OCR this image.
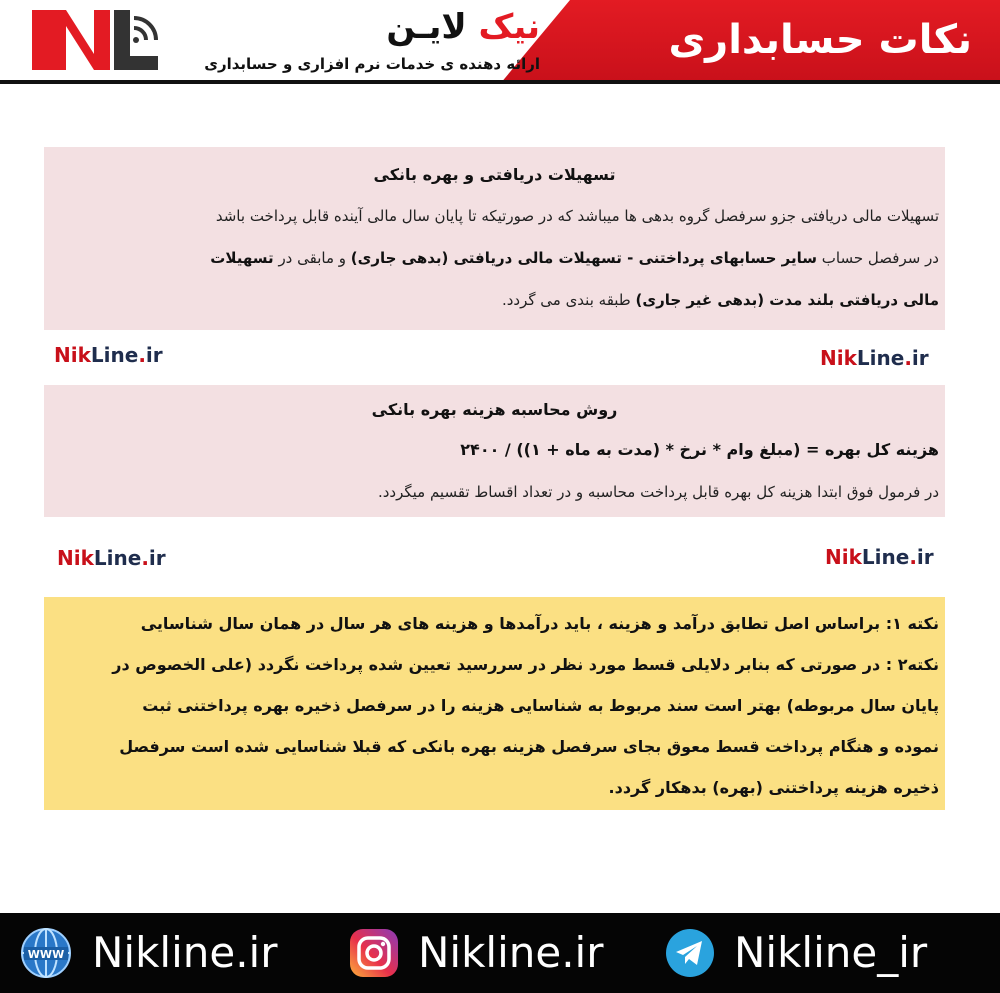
نکات حسابداری
نیک لایـن
ارائه دهنده ی خدمات نرم افزاری و حسابداری
تسهیلات دریافتی و بهره بانکی
تسهیلات مالی دریافتی جزو سرفصل گروه بدهی ها میباشد که در صورتیکه تا پایان سال مالی آینده قابل پرداخت باشد
در سرفصل حساب سایر حسابهای پرداختنی - تسهیلات مالی دریافتی (بدهی جاری) و مابقی در تسهیلات
مالی دریافتی بلند مدت (بدهی غیر جاری) طبقه بندی می گردد.
NikLine.ir	NikLine.ir
روش محاسبه هزینه بهره بانکی
هزینه کل بهره = (مبلغ وام * نرخ * (مدت به ماه + ۱)) / ۲۴۰۰
در فرمول فوق ابتدا هزینه کل بهره قابل پرداخت محاسبه و در تعداد اقساط تقسیم میگردد.
NikLine.ir	NikLine.ir
نکته ۱: براساس اصل تطابق درآمد و هزینه ، باید درآمدها و هزینه های هر سال در همان سال شناسایی
نکته۲ : در صورتی که بنابر دلایلی قسط مورد نظر در سررسید تعیین شده پرداخت نگردد (علی الخصوص در
پایان سال مربوطه) بهتر است سند مربوط به شناسایی هزینه را در سرفصل ذخیره بهره پرداختنی ثبت
نموده و هنگام پرداخت قسط معوق بجای سرفصل هزینه بهره بانکی که قبلا شناسایی شده است سرفصل
ذخیره هزینه پرداختنی (بهره) بدهکار گردد.
WWW Nikline.ir	Nikline.ir	Nikline_ir
